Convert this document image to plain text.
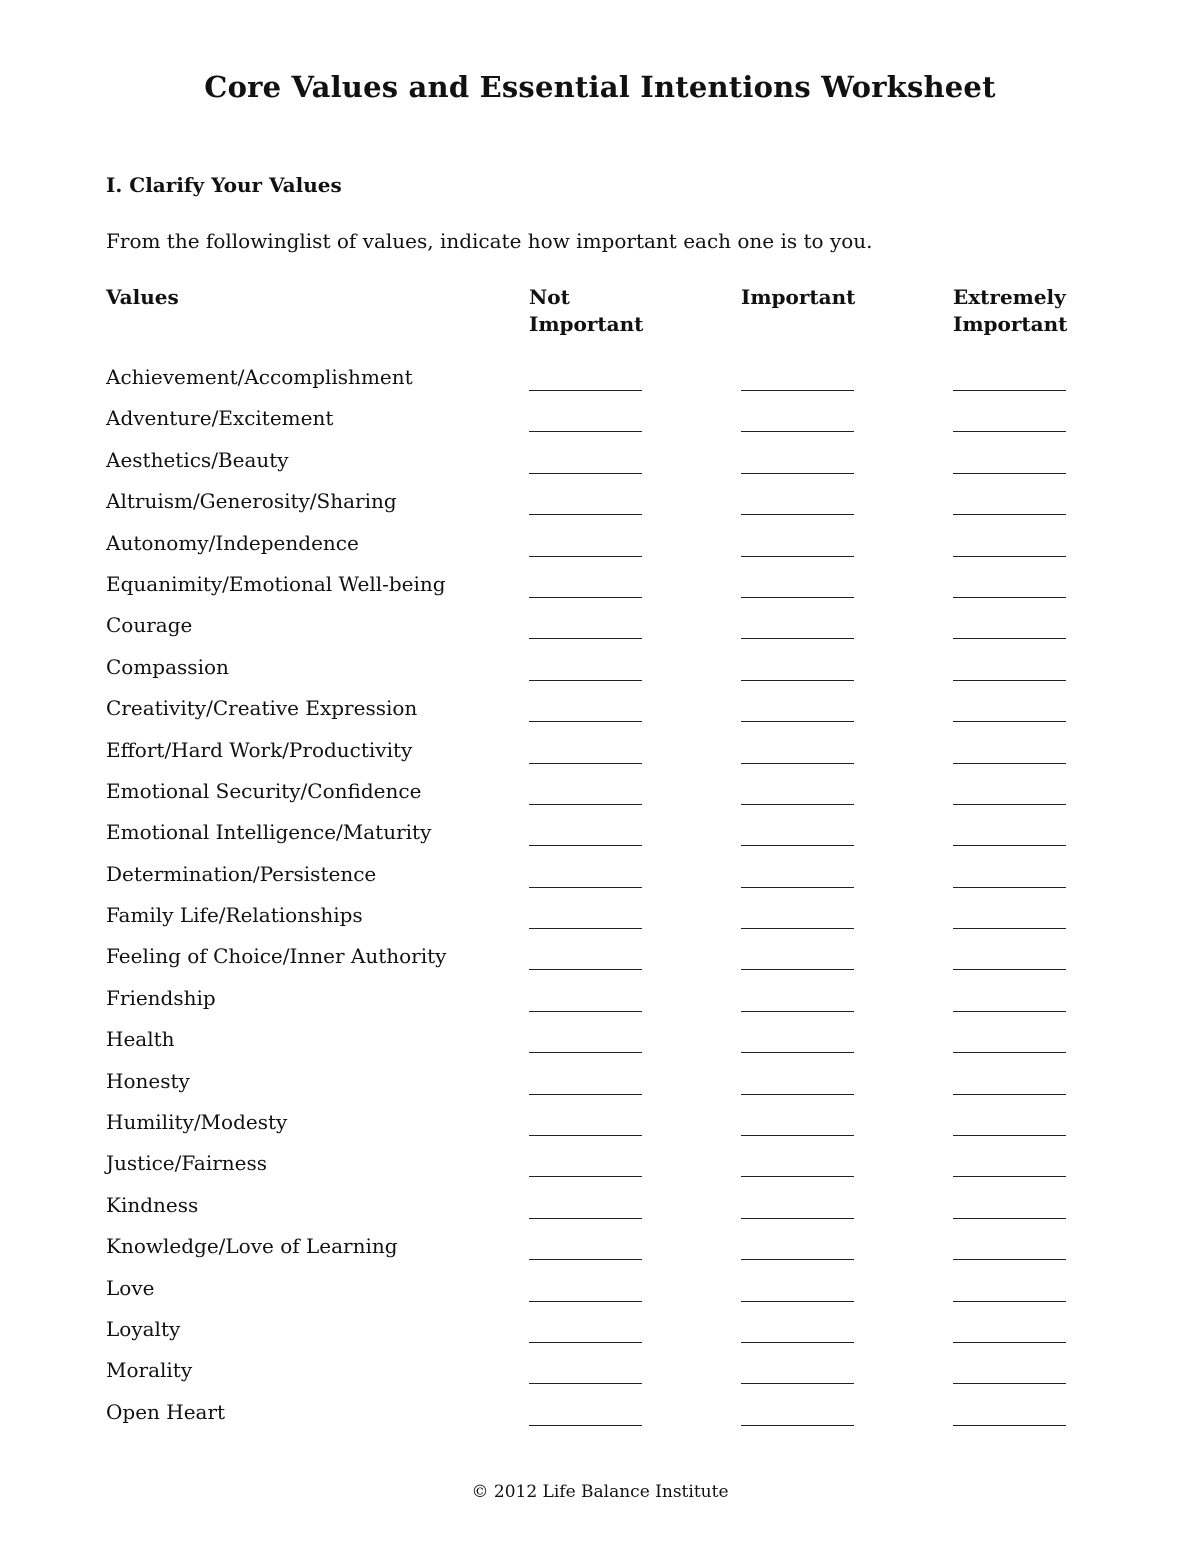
Core Values and Essential Intentions Worksheet
I. Clarify Your Values
From the followinglist of values, indicate how important each one is to you.
Values	Not
Important
Important	Extremely
Important
Achievement/Accomplishment
Adventure/Excitement
Aesthetics/Beauty
Altruism/Generosity/Sharing
Autonomy/Independence
Equanimity/Emotional Well-being
Courage
Compassion
Creativity/Creative Expression
Effort/Hard Work/Productivity
Emotional Security/Confidence
Emotional Intelligence/Maturity
Determination/Persistence
Family Life/Relationships
Feeling of Choice/Inner Authority
Friendship
Health
Honesty
Humility/Modesty
Justice/Fairness
Kindness
Knowledge/Love of Learning
Love
Loyalty
Morality
Open Heart
© 2012 Life Balance Institute
